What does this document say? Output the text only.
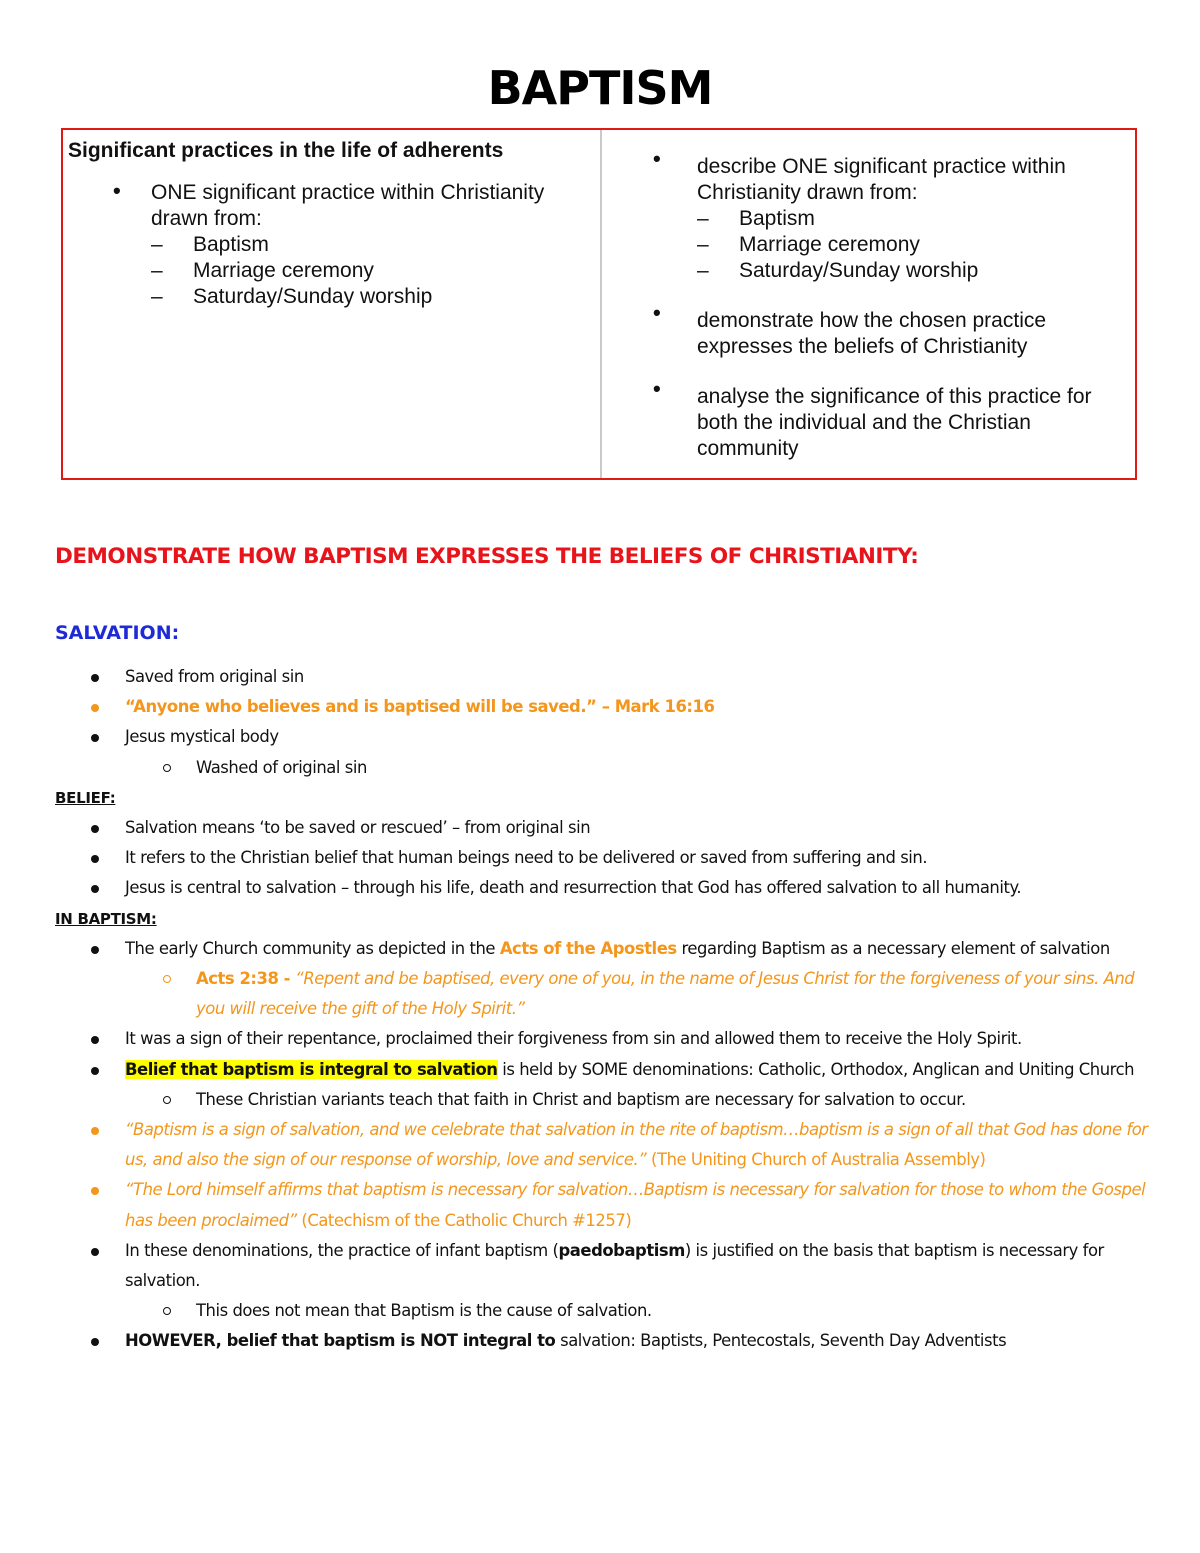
BAPTISM
Significant practices in the life of adherents
• ONE significant practice within Christianity drawn from:
– Baptism
– Marriage ceremony
– Saturday/Sunday worship
• describe ONE significant practice within Christianity drawn from:
– Baptism
– Marriage ceremony
– Saturday/Sunday worship
• demonstrate how the chosen practice expresses the beliefs of Christianity
• analyse the significance of this practice for both the individual and the Christian community
DEMONSTRATE HOW BAPTISM EXPRESSES THE BELIEFS OF CHRISTIANITY:
SALVATION:
Saved from original sin
“Anyone who believes and is baptised will be saved.” – Mark 16:16
Jesus mystical body
Washed of original sin
BELIEF:
Salvation means ‘to be saved or rescued’ – from original sin
It refers to the Christian belief that human beings need to be delivered or saved from suffering and sin.
Jesus is central to salvation – through his life, death and resurrection that God has offered salvation to all humanity.
IN BAPTISM:
The early Church community as depicted in the Acts of the Apostles regarding Baptism as a necessary element of salvation
Acts 2:38 - “Repent and be baptised, every one of you, in the name of Jesus Christ for the forgiveness of your sins. And you will receive the gift of the Holy Spirit.”
It was a sign of their repentance, proclaimed their forgiveness from sin and allowed them to receive the Holy Spirit.
Belief that baptism is integral to salvation is held by SOME denominations: Catholic, Orthodox, Anglican and Uniting Church
These Christian variants teach that faith in Christ and baptism are necessary for salvation to occur.
“Baptism is a sign of salvation, and we celebrate that salvation in the rite of baptism…baptism is a sign of all that God has done for us, and also the sign of our response of worship, love and service.” (The Uniting Church of Australia Assembly)
“The Lord himself affirms that baptism is necessary for salvation…Baptism is necessary for salvation for those to whom the Gospel has been proclaimed” (Catechism of the Catholic Church #1257)
In these denominations, the practice of infant baptism (paedobaptism) is justified on the basis that baptism is necessary for salvation.
This does not mean that Baptism is the cause of salvation.
HOWEVER, belief that baptism is NOT integral to salvation: Baptists, Pentecostals, Seventh Day Adventists
